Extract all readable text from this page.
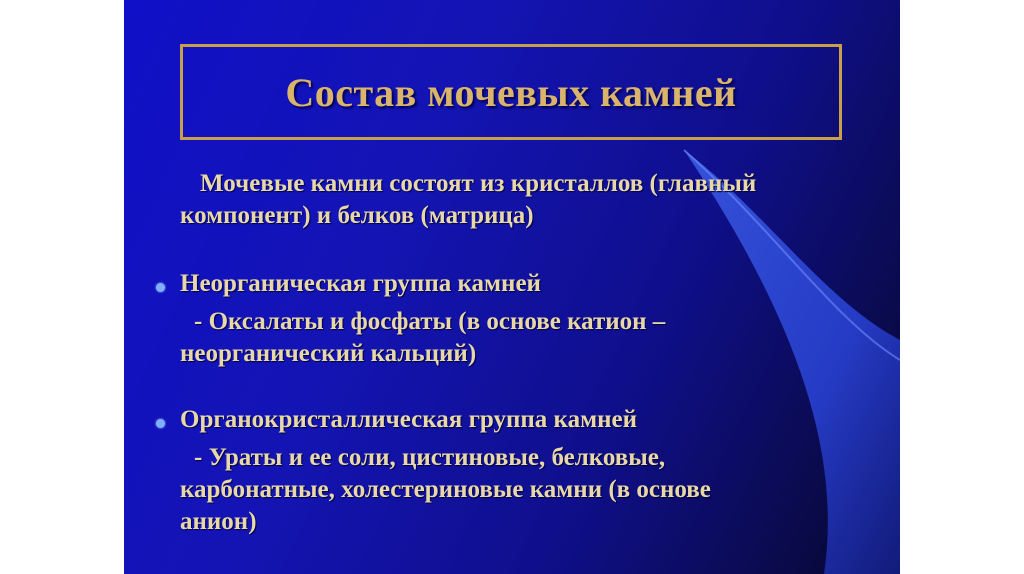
Состав мочевых камней

Мочевые камни состоят из кристаллов (главный
компонент) и белков (матрица)

Неорганическая группа камней

- Оксалаты и фосфаты (в основе катион –
неорганический кальций)

Органокристаллическая группа камней

- Ураты и ее соли, цистиновые, белковые,
карбонатные, холестериновые камни (в основе
анион)
